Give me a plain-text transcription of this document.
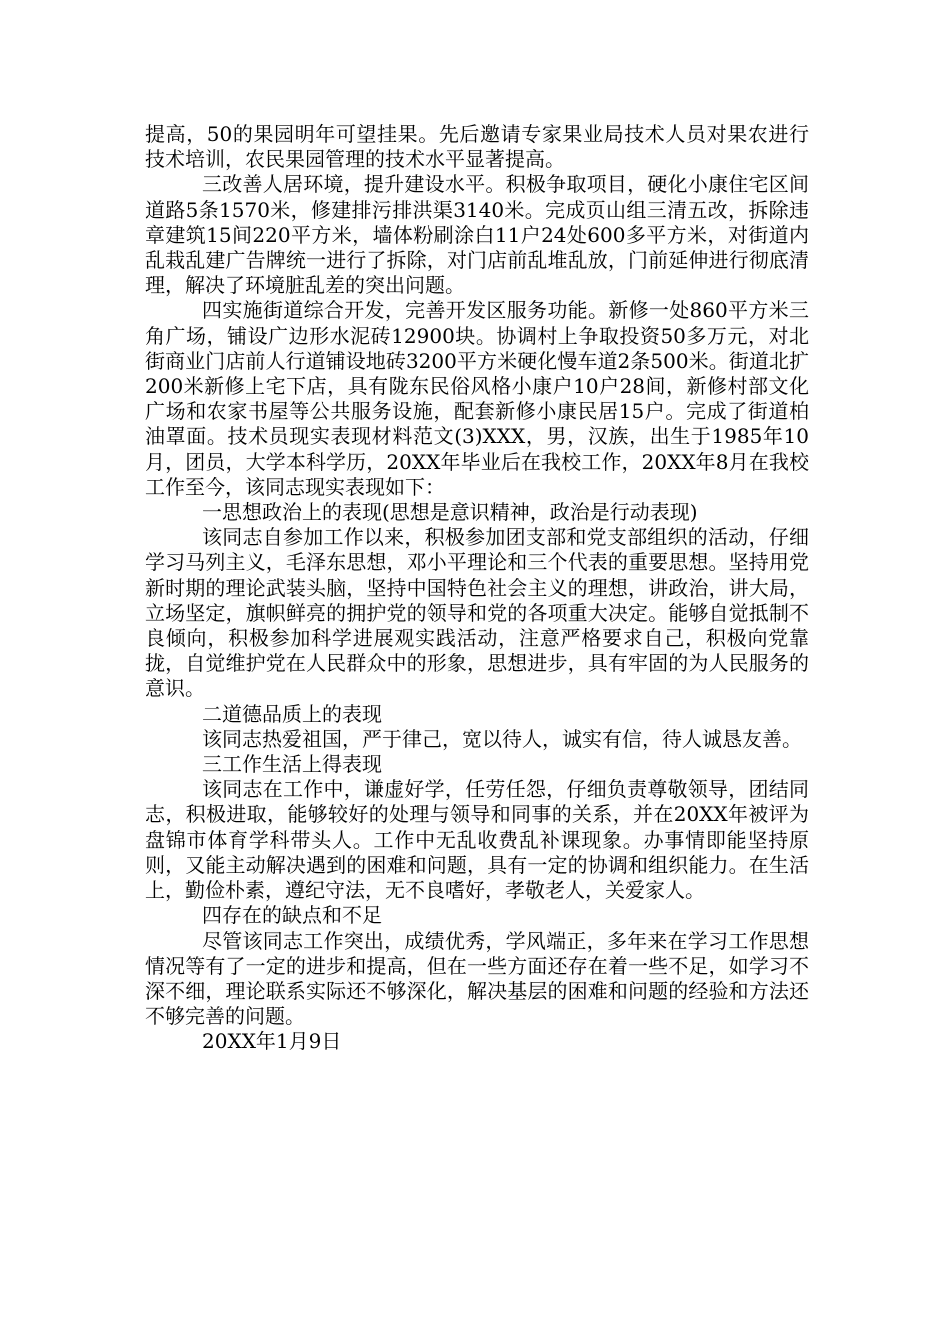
提高，50的果园明年可望挂果。先后邀请专家果业局技术人员对果农进行技术培训，农民果园管理的技术水平显著提高。

三改善人居环境，提升建设水平。积极争取项目，硬化小康住宅区间道路5条1570米，修建排污排洪渠3140米。完成页山组三清五改，拆除违章建筑15间220平方米，墙体粉刷涂白11户24处600多平方米，对街道内乱栽乱建广告牌统一进行了拆除，对门店前乱堆乱放，门前延伸进行彻底清理，解决了环境脏乱差的突出问题。

四实施街道综合开发，完善开发区服务功能。新修一处860平方米三角广场，铺设广边形水泥砖12900块。协调村上争取投资50多万元，对北街商业门店前人行道铺设地砖3200平方米硬化慢车道2条500米。街道北扩200米新修上宅下店，具有陇东民俗风格小康户10户28间，新修村部文化广场和农家书屋等公共服务设施，配套新修小康民居15户。完成了街道柏油罩面。技术员现实表现材料范文(3)XXX，男，汉族，出生于1985年10月，团员，大学本科学历，20XX年毕业后在我校工作，20XX年8月在我校工作至今，该同志现实表现如下：

一思想政治上的表现(思想是意识精神，政治是行动表现)

该同志自参加工作以来，积极参加团支部和党支部组织的活动，仔细学习马列主义，毛泽东思想，邓小平理论和三个代表的重要思想。坚持用党新时期的理论武装头脑，坚持中国特色社会主义的理想，讲政治，讲大局，立场坚定，旗帜鲜亮的拥护党的领导和党的各项重大决定。能够自觉抵制不良倾向，积极参加科学进展观实践活动，注意严格要求自己，积极向党靠拢，自觉维护党在人民群众中的形象，思想进步，具有牢固的为人民服务的意识。

二道德品质上的表现

该同志热爱祖国，严于律己，宽以待人，诚实有信，待人诚恳友善。

三工作生活上得表现

该同志在工作中，谦虚好学，任劳任怨，仔细负责尊敬领导，团结同志，积极进取，能够较好的处理与领导和同事的关系，并在20XX年被评为盘锦市体育学科带头人。工作中无乱收费乱补课现象。办事情即能坚持原则，又能主动解决遇到的困难和问题，具有一定的协调和组织能力。在生活上，勤俭朴素，遵纪守法，无不良嗜好，孝敬老人，关爱家人。

四存在的缺点和不足

尽管该同志工作突出，成绩优秀，学风端正，多年来在学习工作思想情况等有了一定的进步和提高，但在一些方面还存在着一些不足，如学习不深不细，理论联系实际还不够深化，解决基层的困难和问题的经验和方法还不够完善的问题。

20XX年1月9日
